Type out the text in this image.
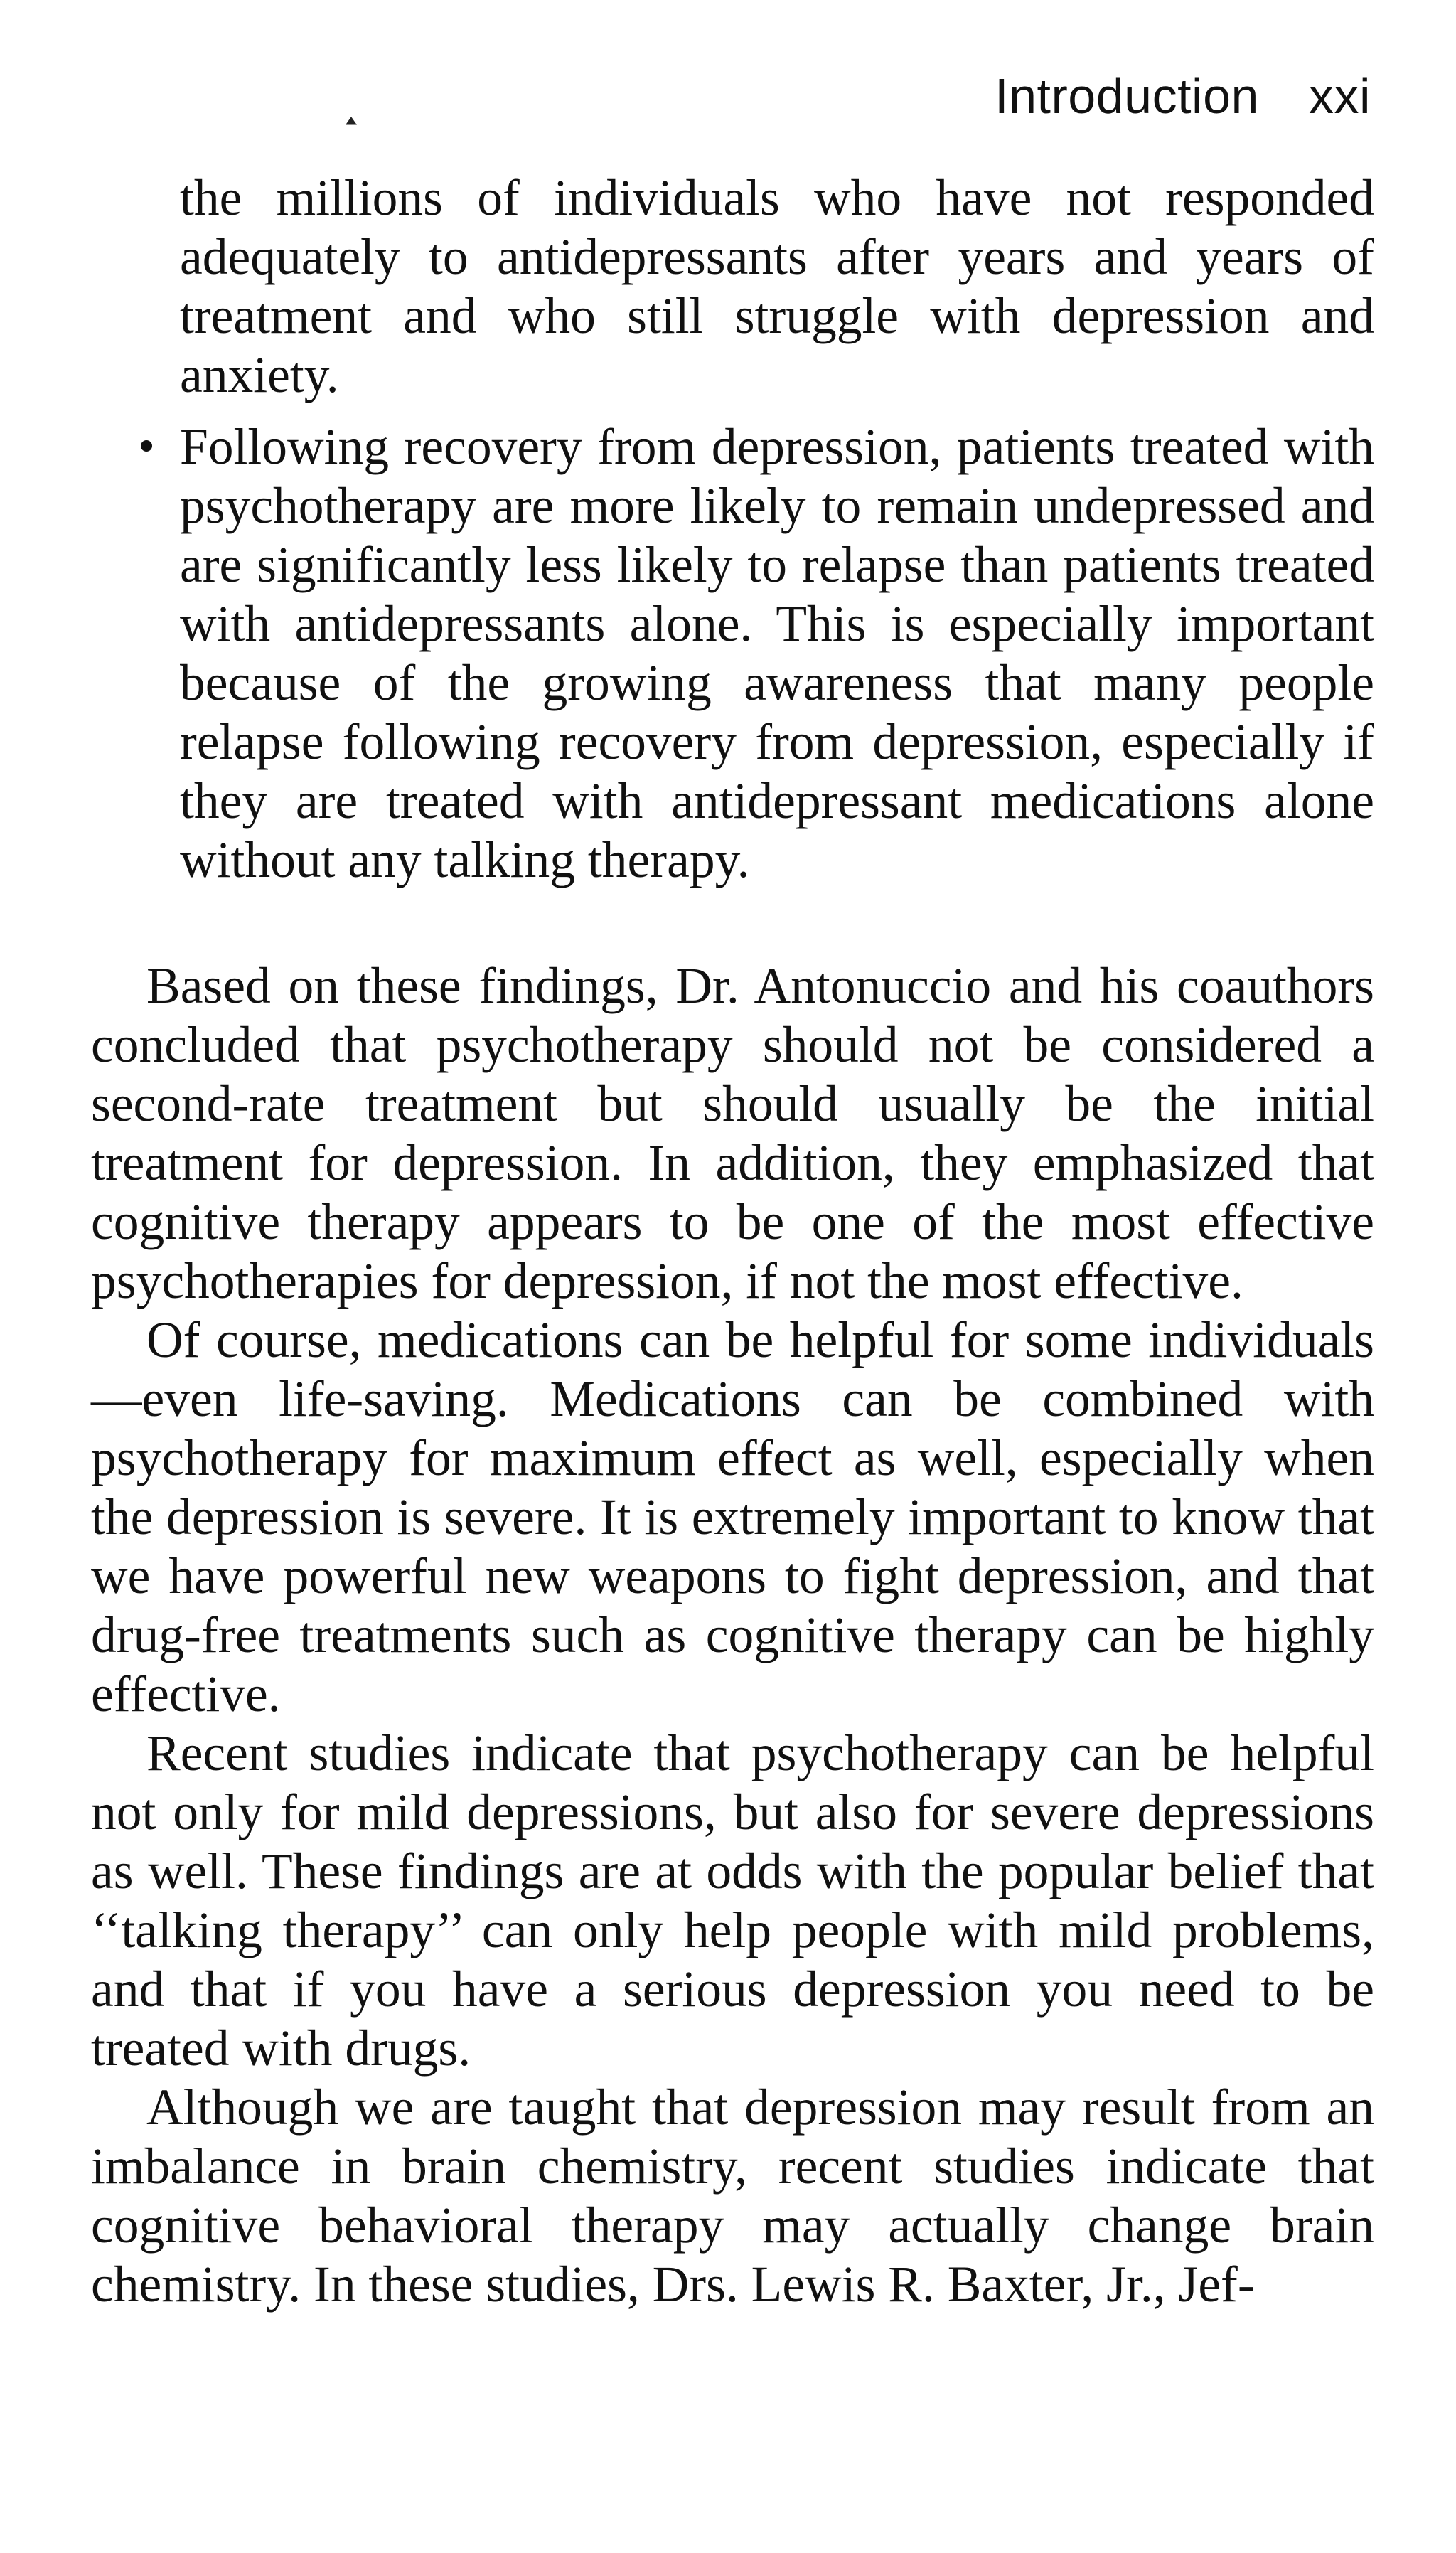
Introduction xxi
the millions of individuals who have not responded adequately to antidepressants after years and years of treatment and who still struggle with depression and anxiety.
Following recovery from depression, patients treated with psychotherapy are more likely to remain undepressed and are significantly less likely to relapse than patients treated with antidepressants alone. This is especially important because of the growing awareness that many people relapse following recovery from depression, especially if they are treated with antidepressant medications alone without any talking therapy.

Based on these findings, Dr. Antonuccio and his coauthors concluded that psychotherapy should not be considered a second-rate treatment but should usually be the initial treatment for depression. In addition, they emphasized that cognitive therapy appears to be one of the most effective psychotherapies for depression, if not the most effective.

Of course, medications can be helpful for some individuals—even life-saving. Medications can be combined with psychotherapy for maximum effect as well, especially when the depression is severe. It is extremely important to know that we have powerful new weapons to fight depression, and that drug-free treatments such as cognitive therapy can be highly effective.

Recent studies indicate that psychotherapy can be helpful not only for mild depressions, but also for severe depressions as well. These findings are at odds with the popular belief that ‘‘talking therapy’’ can only help people with mild problems, and that if you have a serious depression you need to be treated with drugs.

Although we are taught that depression may result from an imbalance in brain chemistry, recent studies indicate that cognitive behavioral therapy may actually change brain chemistry. In these studies, Drs. Lewis R. Baxter, Jr., Jef-
